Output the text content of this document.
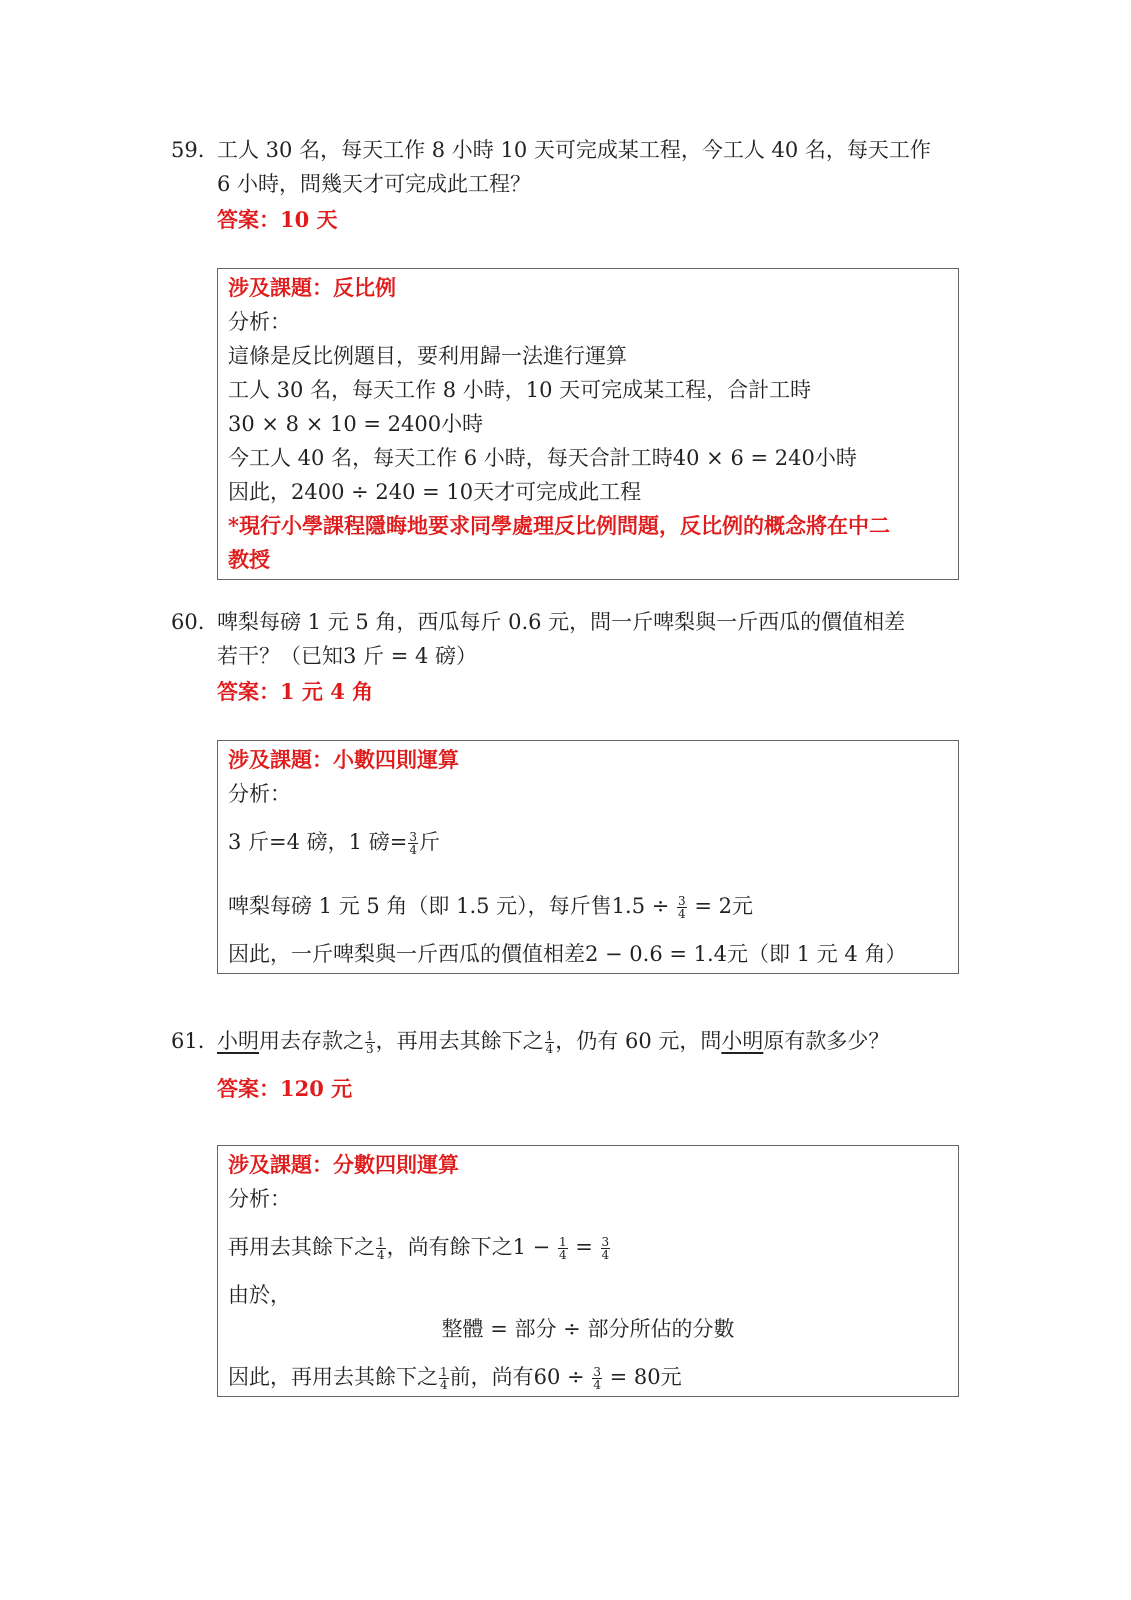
59. 工人 30 名，每天工作 8 小時 10 天可完成某工程，今工人 40 名，每天工作
6 小時，問幾天才可完成此工程？
答案：10 天
涉及課題：反比例
分析：
這條是反比例題目，要利用歸一法進行運算
工人 30 名，每天工作 8 小時，10 天可完成某工程，合計工時
30 × 8 × 10 = 2400小時
今工人 40 名，每天工作 6 小時，每天合計工時40 × 6 = 240小時
因此，2400 ÷ 240 = 10天才可完成此工程
*現行小學課程隱晦地要求同學處理反比例問題，反比例的概念將在中二
教授
60. 啤梨每磅 1 元 5 角，西瓜每斤 0.6 元，問一斤啤梨與一斤西瓜的價值相差
若干？（已知3 斤 = 4 磅）
答案：1 元 4 角
涉及課題：小數四則運算
分析：
3 斤=4 磅，1 磅= $\frac{3}{4}$ 斤
啤梨每磅 1 元 5 角（即 1.5 元），每斤售$1.5 \div \frac{3}{4} = 2$元
因此，一斤啤梨與一斤西瓜的價值相差2 − 0.6 = 1.4元（即 1 元 4 角）
61. 小明用去存款之 $\frac{1}{3}$ ，再用去其餘下之 $\frac{1}{4}$ ，仍有 60 元，問小明原有款多少？
答案：120 元
涉及課題：分數四則運算
分析：
再用去其餘下之 $\frac{1}{4}$ ，尚有餘下之$1 - \frac{1}{4} = \frac{3}{4}$
由於，
整體 = 部分 ÷ 部分所佔的分數
因此，再用去其餘下之 $\frac{1}{4}$ 前，尚有$60 \div \frac{3}{4} = 80$元
